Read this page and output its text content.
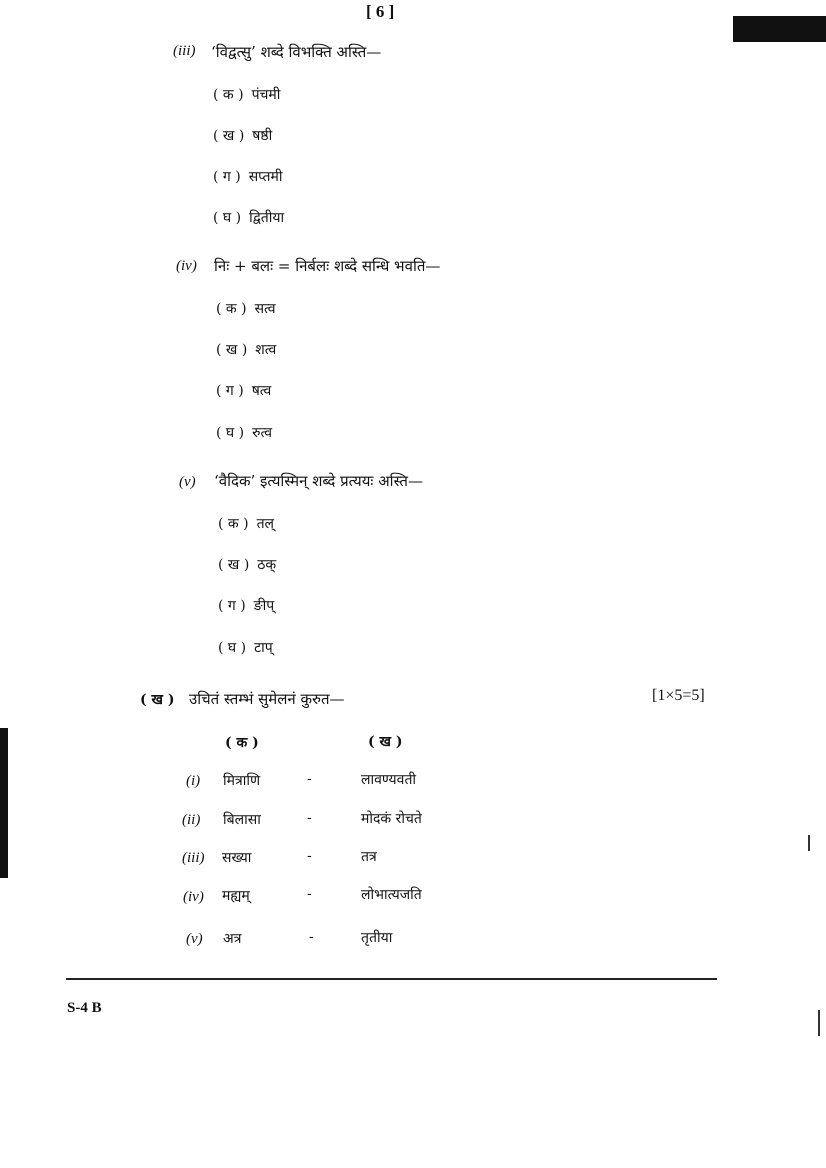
[ 6 ]
(iii) ‘विद्वत्सु’ शब्दे विभक्ति अस्ति—
( क ) पंचमी
( ख ) षष्ठी
( ग ) सप्तमी
( घ ) द्वितीया
(iv) निः + बलः = निर्बलः शब्दे सन्धि भवति—
( क ) सत्व
( ख ) शत्व
( ग ) षत्व
( घ ) रुत्व
(v) ‘वैदिक’ इत्यस्मिन् शब्दे प्रत्ययः अस्ति—
( क ) तल्
( ख ) ठक्
( ग ) ङीप्
( घ ) टाप्
( ख ) उचितं स्तम्भं सुमेलनं कुरुत—	[1×5=5]
( क )	( ख )
(i) मित्राणि	-	लावण्यवती
(ii) बिलासा	-	मोदकं रोचते
(iii) सख्या	-	तत्र
(iv) मह्यम्	-	लोभात्यजति
(v) अत्र	-	तृतीया
S-4 B
